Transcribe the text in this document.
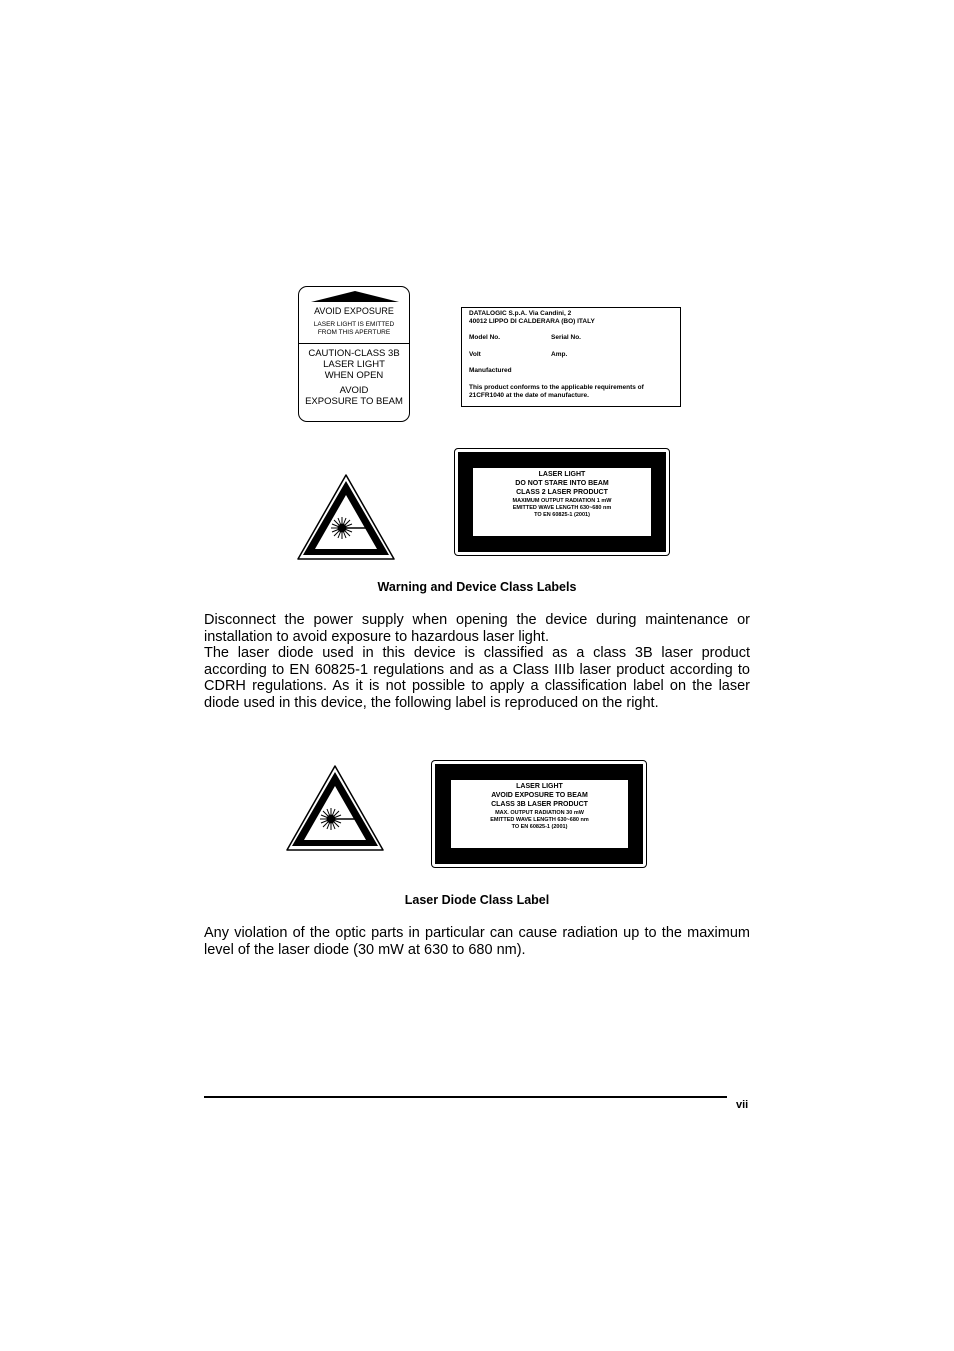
AVOID EXPOSURE
LASER LIGHT IS EMITTED
FROM THIS APERTURE
CAUTION-CLASS 3B
LASER LIGHT
WHEN OPEN
AVOID
EXPOSURE TO BEAM
DATALOGIC S.p.A. Via Candini, 2
40012 LIPPO DI CALDERARA (BO) ITALY
Model No.	Serial No.
Volt	Amp.
Manufactured
This product conforms to the applicable requirements of
21CFR1040 at the date of manufacture.
LASER LIGHT
DO NOT STARE INTO BEAM
CLASS 2 LASER PRODUCT
MAXIMUM OUTPUT RADIATION 1 mW
EMITTED WAVE LENGTH 630~680 nm
TO EN 60825-1 (2001)
Warning and Device Class Labels

Disconnect the power supply when opening the device during maintenance or installation to avoid exposure to hazardous laser light.

The laser diode used in this device is classified as a class 3B laser product according to EN 60825-1 regulations and as a Class IIIb laser product according to CDRH regulations. As it is not possible to apply a classification label on the laser diode used in this device, the following label is reproduced on the right.

LASER LIGHT
AVOID EXPOSURE TO BEAM
CLASS 3B LASER PRODUCT
MAX. OUTPUT RADIATION 30 mW
EMITTED WAVE LENGTH 630~680 nm
TO EN 60825-1 (2001)
Laser Diode Class Label

Any violation of the optic parts in particular can cause radiation up to the maximum level of the laser diode (30 mW at 630 to 680 nm).

vii
